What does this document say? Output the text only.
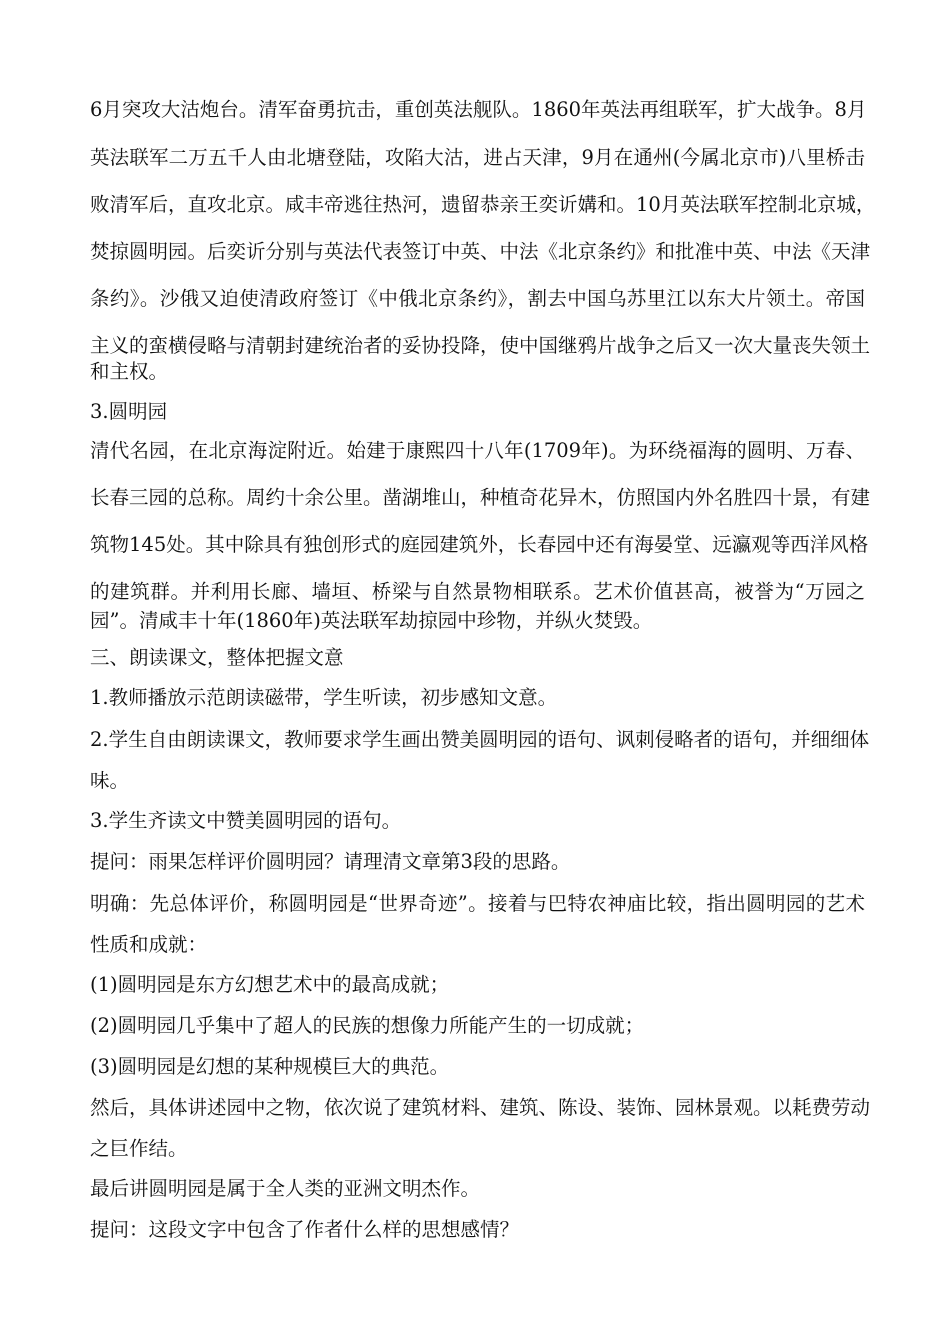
6月突攻大沽炮台。清军奋勇抗击，重创英法舰队。1860年英法再组联军，扩大战争。8月

英法联军二万五千人由北塘登陆，攻陷大沽，进占天津，9月在通州(今属北京市)八里桥击

败清军后，直攻北京。咸丰帝逃往热河，遗留恭亲王奕䜣媾和。10月英法联军控制北京城，

焚掠圆明园。后奕䜣分别与英法代表签订中英、中法《北京条约》和批准中英、中法《天津

条约》。沙俄又迫使清政府签订《中俄北京条约》，割去中国乌苏里江以东大片领土。帝国

主义的蛮横侵略与清朝封建统治者的妥协投降，使中国继鸦片战争之后又一次大量丧失领土

和主权。

3.圆明园

清代名园，在北京海淀附近。始建于康熙四十八年(1709年)。为环绕福海的圆明、万春、

长春三园的总称。周约十余公里。凿湖堆山，种植奇花异木，仿照国内外名胜四十景，有建

筑物145处。其中除具有独创形式的庭园建筑外，长春园中还有海晏堂、远瀛观等西洋风格

的建筑群。并利用长廊、墙垣、桥梁与自然景物相联系。艺术价值甚高，被誉为“万园之

园”。清咸丰十年(1860年)英法联军劫掠园中珍物，并纵火焚毁。

三、朗读课文，整体把握文意

1.教师播放示范朗读磁带，学生听读，初步感知文意。

2.学生自由朗读课文，教师要求学生画出赞美圆明园的语句、讽刺侵略者的语句，并细细体

味。

3.学生齐读文中赞美圆明园的语句。

提问：雨果怎样评价圆明园？请理清文章第3段的思路。

明确：先总体评价，称圆明园是“世界奇迹”。接着与巴特农神庙比较，指出圆明园的艺术

性质和成就：

(1)圆明园是东方幻想艺术中的最高成就；

(2)圆明园几乎集中了超人的民族的想像力所能产生的一切成就；

(3)圆明园是幻想的某种规模巨大的典范。

然后，具体讲述园中之物，依次说了建筑材料、建筑、陈设、装饰、园林景观。以耗费劳动

之巨作结。

最后讲圆明园是属于全人类的亚洲文明杰作。

提问：这段文字中包含了作者什么样的思想感情？
